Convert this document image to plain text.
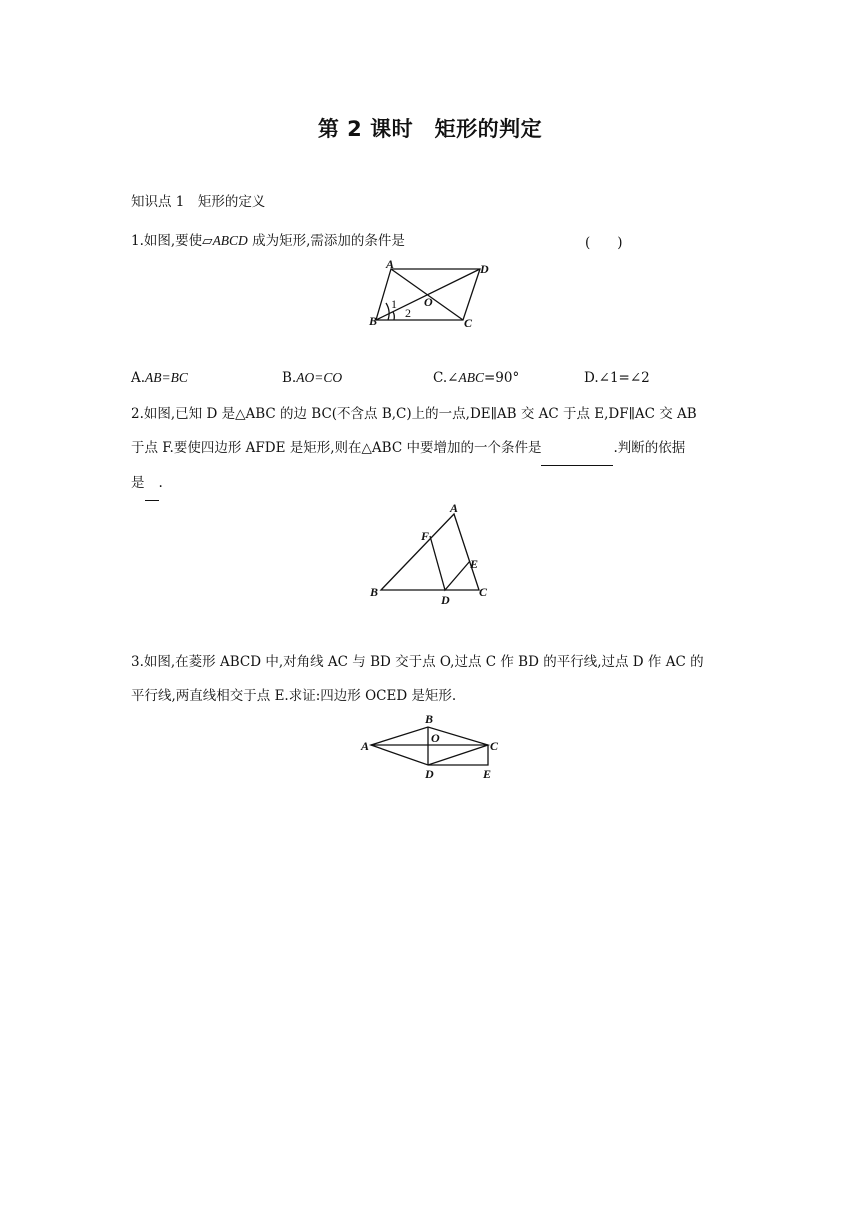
第 2 课时　矩形的判定
知识点 1　矩形的定义
1.如图,要使▱ABCD 成为矩形,需添加的条件是	(　　)
A	D
B	C
O
1
2
A.AB=BC	B.AO=CO	C.∠ABC=90°	D.∠1=∠2
2.如图,已知 D 是△ABC 的边 BC(不含点 B,C)上的一点,DE∥AB 交 AC 于点 E,DF∥AC 交 AB
于点 F.要使四边形 AFDE 是矩形,则在△ABC 中要增加的一个条件是	.判断的依据
是 .
A
F
E
B
D
C
3.如图,在菱形 ABCD 中,对角线 AC 与 BD 交于点 O,过点 C 作 BD 的平行线,过点 D 作 AC 的
平行线,两直线相交于点 E.求证:四边形 OCED 是矩形.
B
A
O
C
D	E
